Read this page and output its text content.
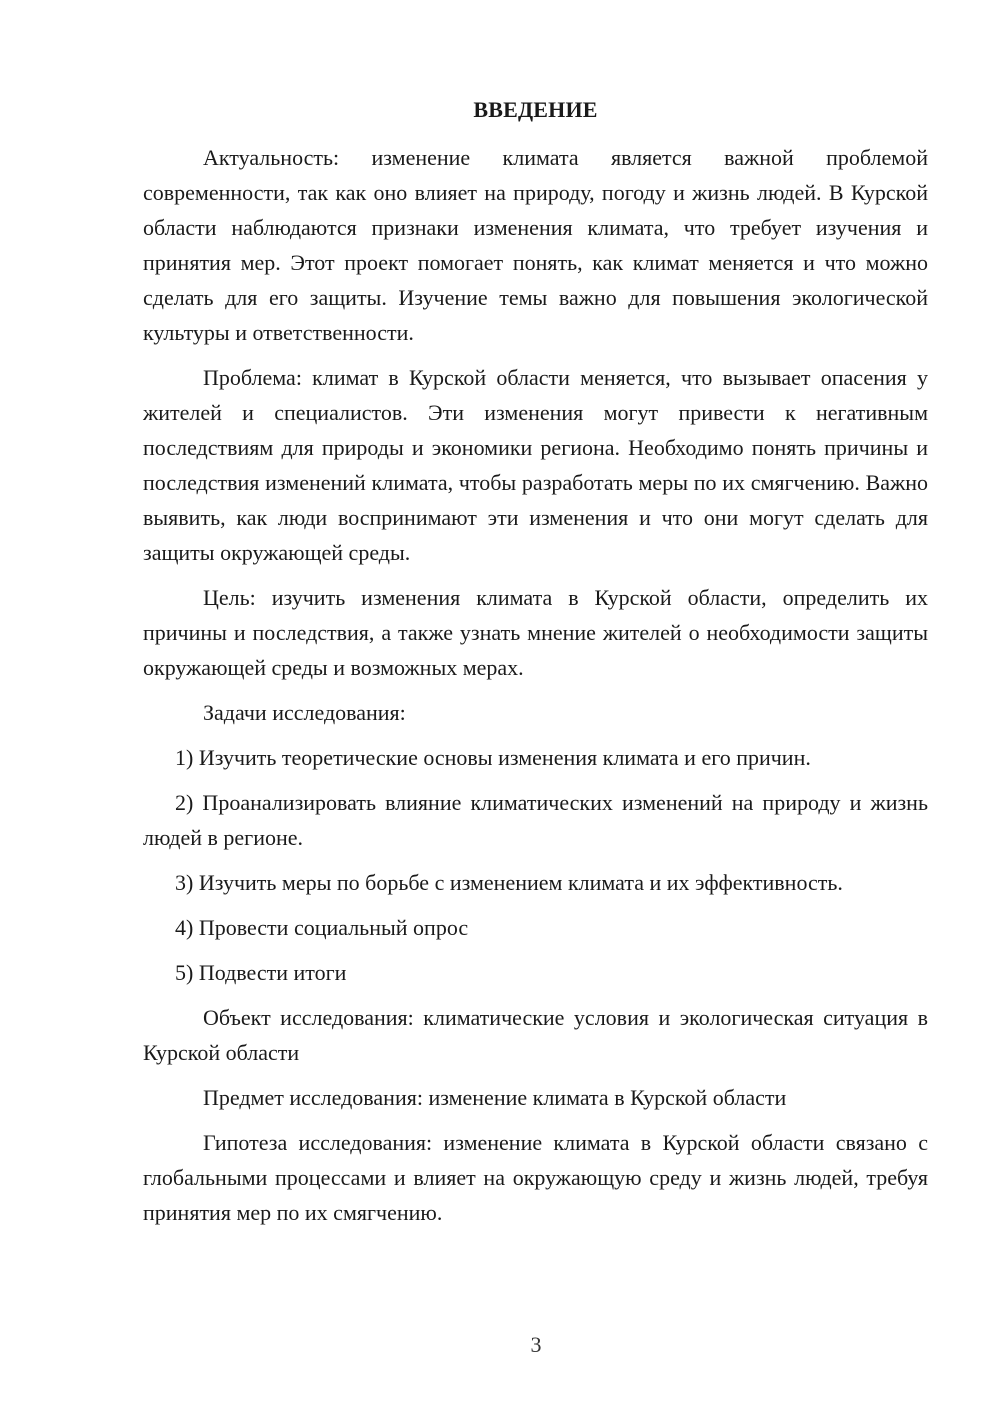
ВВЕДЕНИЕ

Актуальность: изменение климата является важной проблемой современности, так как оно влияет на природу, погоду и жизнь людей. В Курской области наблюдаются признаки изменения климата, что требует изучения и принятия мер. Этот проект помогает понять, как климат меняется и что можно сделать для его защиты. Изучение темы важно для повышения экологической культуры и ответственности.

Проблема: климат в Курской области меняется, что вызывает опасения у жителей и специалистов. Эти изменения могут привести к негативным последствиям для природы и экономики региона. Необходимо понять причины и последствия изменений климата, чтобы разработать меры по их смягчению. Важно выявить, как люди воспринимают эти изменения и что они могут сделать для защиты окружающей среды.

Цель: изучить изменения климата в Курской области, определить их причины и последствия, а также узнать мнение жителей о необходимости защиты окружающей среды и возможных мерах.

Задачи исследования:

1) Изучить теоретические основы изменения климата и его причин.

2) Проанализировать влияние климатических изменений на природу и жизнь людей в регионе.

3) Изучить меры по борьбе с изменением климата и их эффективность.

4) Провести социальный опрос

5) Подвести итоги

Объект исследования: климатические условия и экологическая ситуация в Курской области

Предмет исследования: изменение климата в Курской области

Гипотеза исследования: изменение климата в Курской области связано с глобальными процессами и влияет на окружающую среду и жизнь людей, требуя принятия мер по их смягчению.

3
